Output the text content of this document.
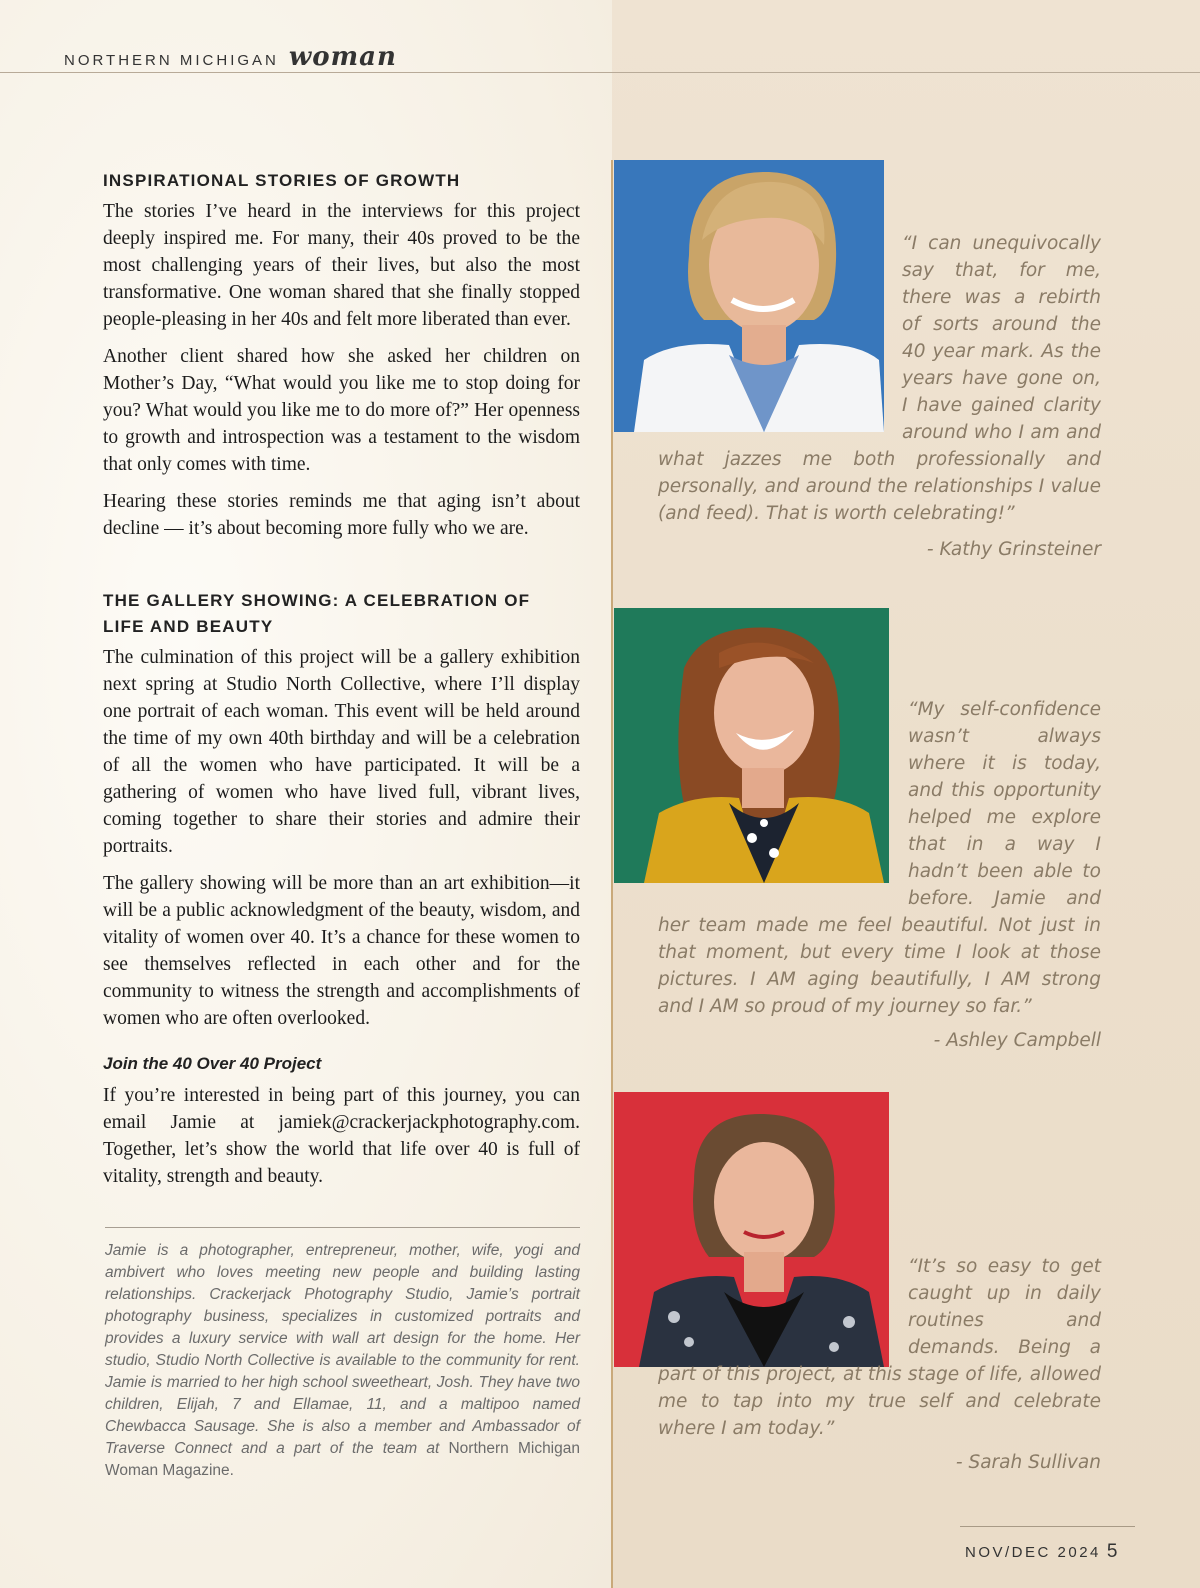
NORTHERN MICHIGAN woman
INSPIRATIONAL STORIES OF GROWTH

The stories I’ve heard in the interviews for this project deeply inspired me. For many, their 40s proved to be the most challenging years of their lives, but also the most transformative. One woman shared that she finally stopped people-pleasing in her 40s and felt more liberated than ever.

Another client shared how she asked her children on Mother’s Day, “What would you like me to stop doing for you? What would you like me to do more of?” Her openness to growth and introspection was a testament to the wisdom that only comes with time.

Hearing these stories reminds me that aging isn’t about decline — it’s about becoming more fully who we are.

THE GALLERY SHOWING: A CELEBRATION OF
LIFE AND BEAUTY

The culmination of this project will be a gallery exhibition next spring at Studio North Collective, where I’ll display one portrait of each woman. This event will be held around the time of my own 40th birthday and will be a celebration of all the women who have participated. It will be a gathering of women who have lived full, vibrant lives, coming together to share their stories and admire their portraits.

The gallery showing will be more than an art exhibition—it will be a public acknowledgment of the beauty, wisdom, and vitality of women over 40. It’s a chance for these women to see themselves reflected in each other and for the community to witness the strength and accomplishments of women who are often overlooked.

Join the 40 Over 40 Project

If you’re interested in being part of this journey, you can email Jamie at jamiek@crackerjackphotography.com. Together, let’s show the world that life over 40 is full of vitality, strength and beauty.

Jamie is a photographer, entrepreneur, mother, wife, yogi and ambivert who loves meeting new people and building lasting relationships. Crackerjack Photography Studio, Jamie’s portrait photography business, specializes in customized portraits and provides a luxury service with wall art design for the home. Her studio, Studio North Collective is available to the community for rent. Jamie is married to her high school sweetheart, Josh. They have two children, Elijah, 7 and Ellamae, 11, and a maltipoo named Chewbacca Sausage. She is also a member and Ambassador of Traverse Connect and a part of the team at Northern Michigan Woman Magazine.
“I can unequivocally say that, for me, there was a rebirth of sorts around the 40 year mark. As the years have gone on, I have gained clarity around who I am and what jazzes me both professionally and personally, and around the relationships I value (and feed). That is worth celebrating!”
- Kathy Grinsteiner
“My self-confidence wasn’t always where it is today, and this opportunity helped me explore that in a way I hadn’t been able to before. Jamie and her team made me feel beautiful. Not just in that moment, but every time I look at those pictures. I AM aging beautifully, I AM strong and I AM so proud of my journey so far.”
- Ashley Campbell
“It’s so easy to get caught up in daily routines and demands. Being a part of this project, at this stage of life, allowed me to tap into my true self and celebrate where I am today.”
- Sarah Sullivan
NOV/DEC 2024 5
